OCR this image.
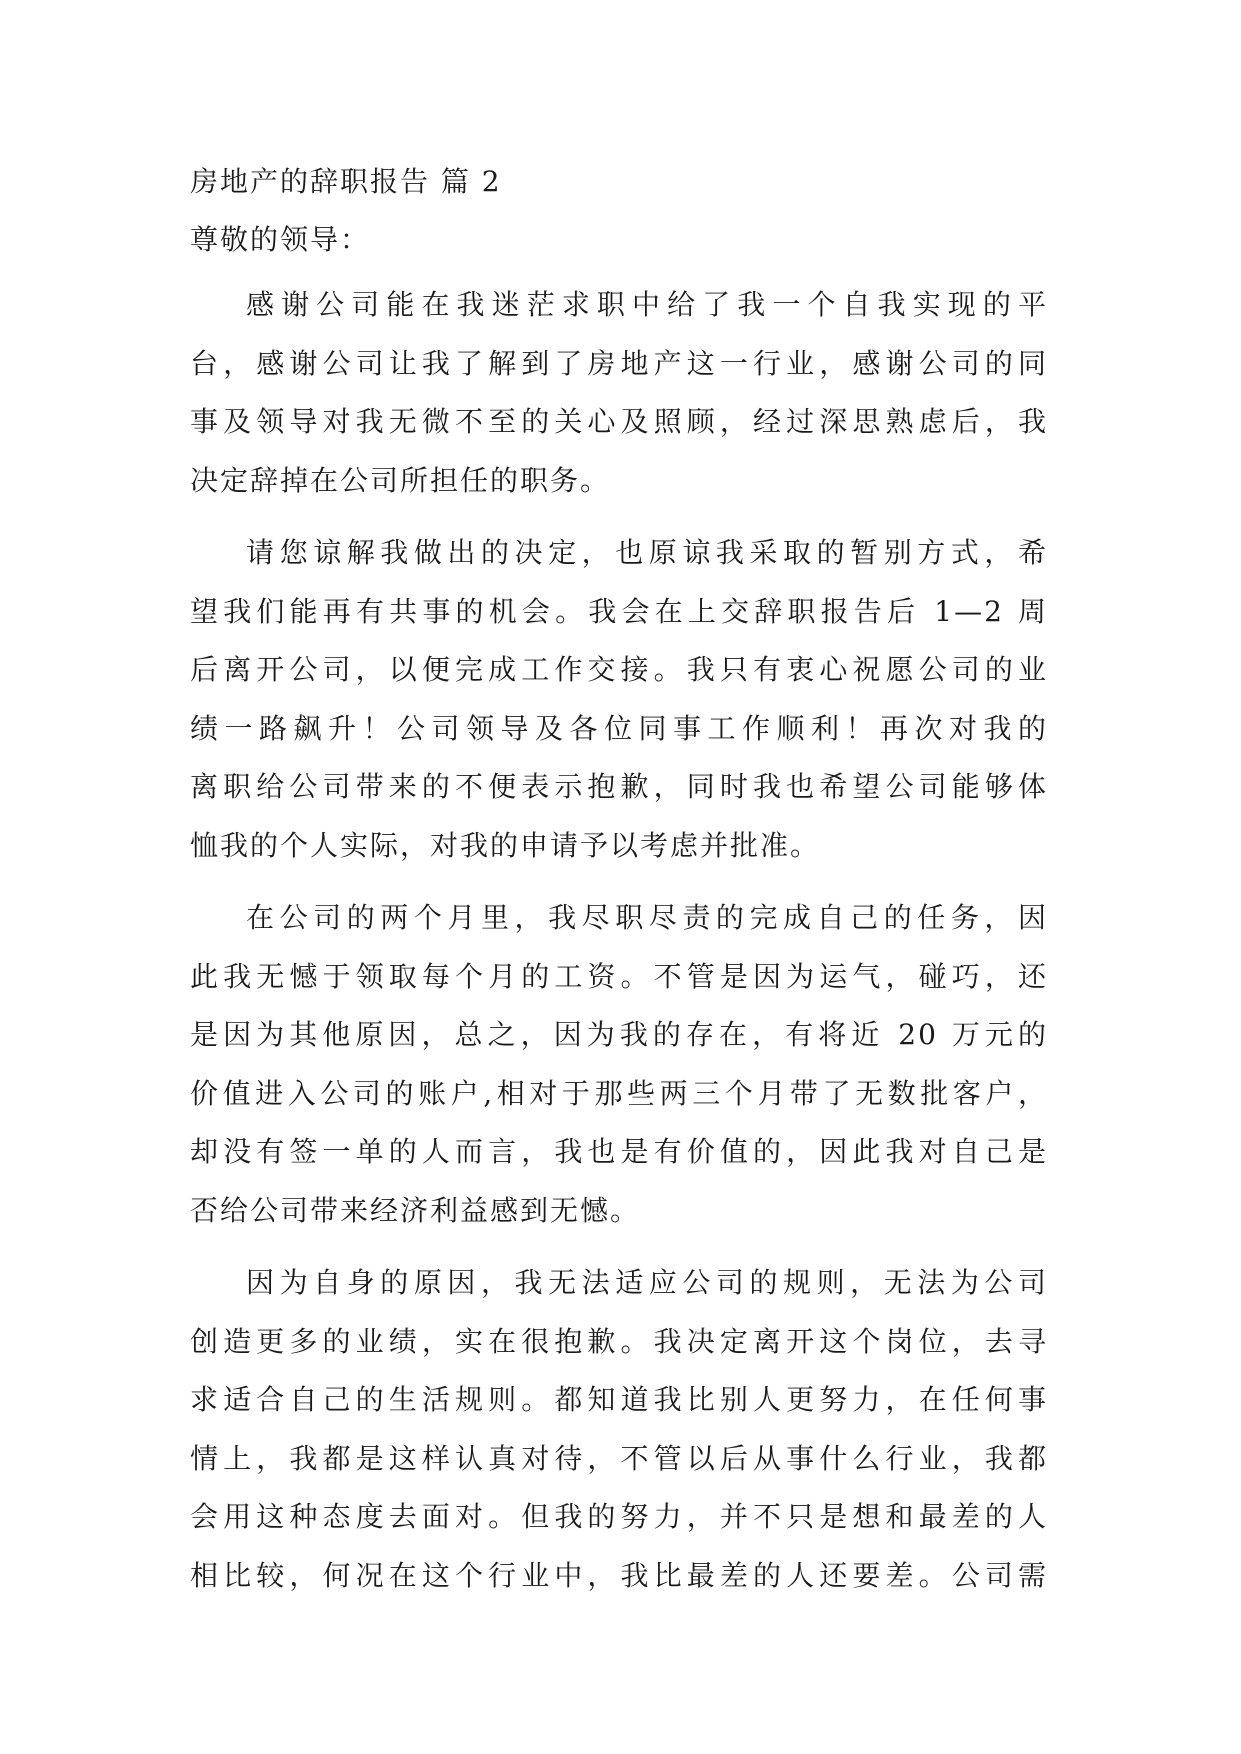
房地产的辞职报告 篇 2
尊敬的领导：
感谢公司能在我迷茫求职中给了我一个自我实现的平
台，感谢公司让我了解到了房地产这一行业，感谢公司的同
事及领导对我无微不至的关心及照顾，经过深思熟虑后，我
决定辞掉在公司所担任的职务。
请您谅解我做出的决定，也原谅我采取的暂别方式，希
望我们能再有共事的机会。我会在上交辞职报告后 1—2 周
后离开公司，以便完成工作交接。我只有衷心祝愿公司的业
绩一路飙升！公司领导及各位同事工作顺利！再次对我的
离职给公司带来的不便表示抱歉，同时我也希望公司能够体
恤我的个人实际，对我的申请予以考虑并批准。
在公司的两个月里，我尽职尽责的完成自己的任务，因
此我无憾于领取每个月的工资。不管是因为运气，碰巧，还
是因为其他原因，总之，因为我的存在，有将近 20 万元的
价值进入公司的账户,相对于那些两三个月带了无数批客户，
却没有签一单的人而言，我也是有价值的，因此我对自己是
否给公司带来经济利益感到无憾。
因为自身的原因，我无法适应公司的规则，无法为公司
创造更多的业绩，实在很抱歉。我决定离开这个岗位，去寻
求适合自己的生活规则。都知道我比别人更努力，在任何事
情上，我都是这样认真对待，不管以后从事什么行业，我都
会用这种态度去面对。但我的努力，并不只是想和最差的人
相比较，何况在这个行业中，我比最差的人还要差。公司需
